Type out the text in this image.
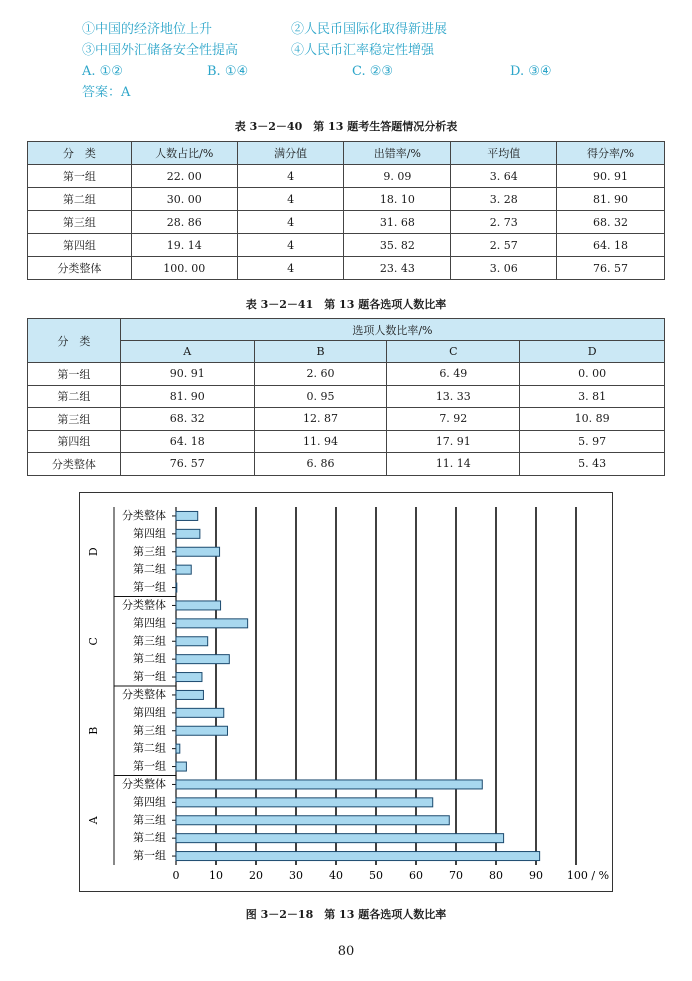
①中国的经济地位上升	②人民币国际化取得新进展
③中国外汇储备安全性提高	④人民币汇率稳定性增强
A. ①②	B. ①④	C. ②③	D. ③④
答案：A
表 3－2－40　第 13 题考生答题情况分析表
分　类	人数占比/%	满分值	出错率/%	平均值	得分率/%
第一组	22. 00	4	9. 09	3. 64	90. 91
第二组	30. 00	4	18. 10	3. 28	81. 90
第三组	28. 86	4	31. 68	2. 73	68. 32
第四组	19. 14	4	35. 82	2. 57	64. 18
分类整体	100. 00	4	23. 43	3. 06	76. 57
表 3－2－41　第 13 题各选项人数比率
分　类	选项人数比率/%			
	A	B	C	D
第一组	90. 91	2. 60	6. 49	0. 00
第二组	81. 90	0. 95	13. 33	3. 81
第三组	68. 32	12. 87	7. 92	10. 89
第四组	64. 18	11. 94	17. 91	5. 97
分类整体	76. 57	6. 86	11. 14	5. 43
D
分类整体
第四组
第三组
第二组
第一组
C
分类整体
第四组
第三组
第二组
第一组
B
分类整体
第四组
第三组
第二组
第一组
A
分类整体
第四组
第三组
第二组
第一组
0	10 20 30 40 50 60 70 80 90 100 / %
图 3－2－18　第 13 题各选项人数比率
80
